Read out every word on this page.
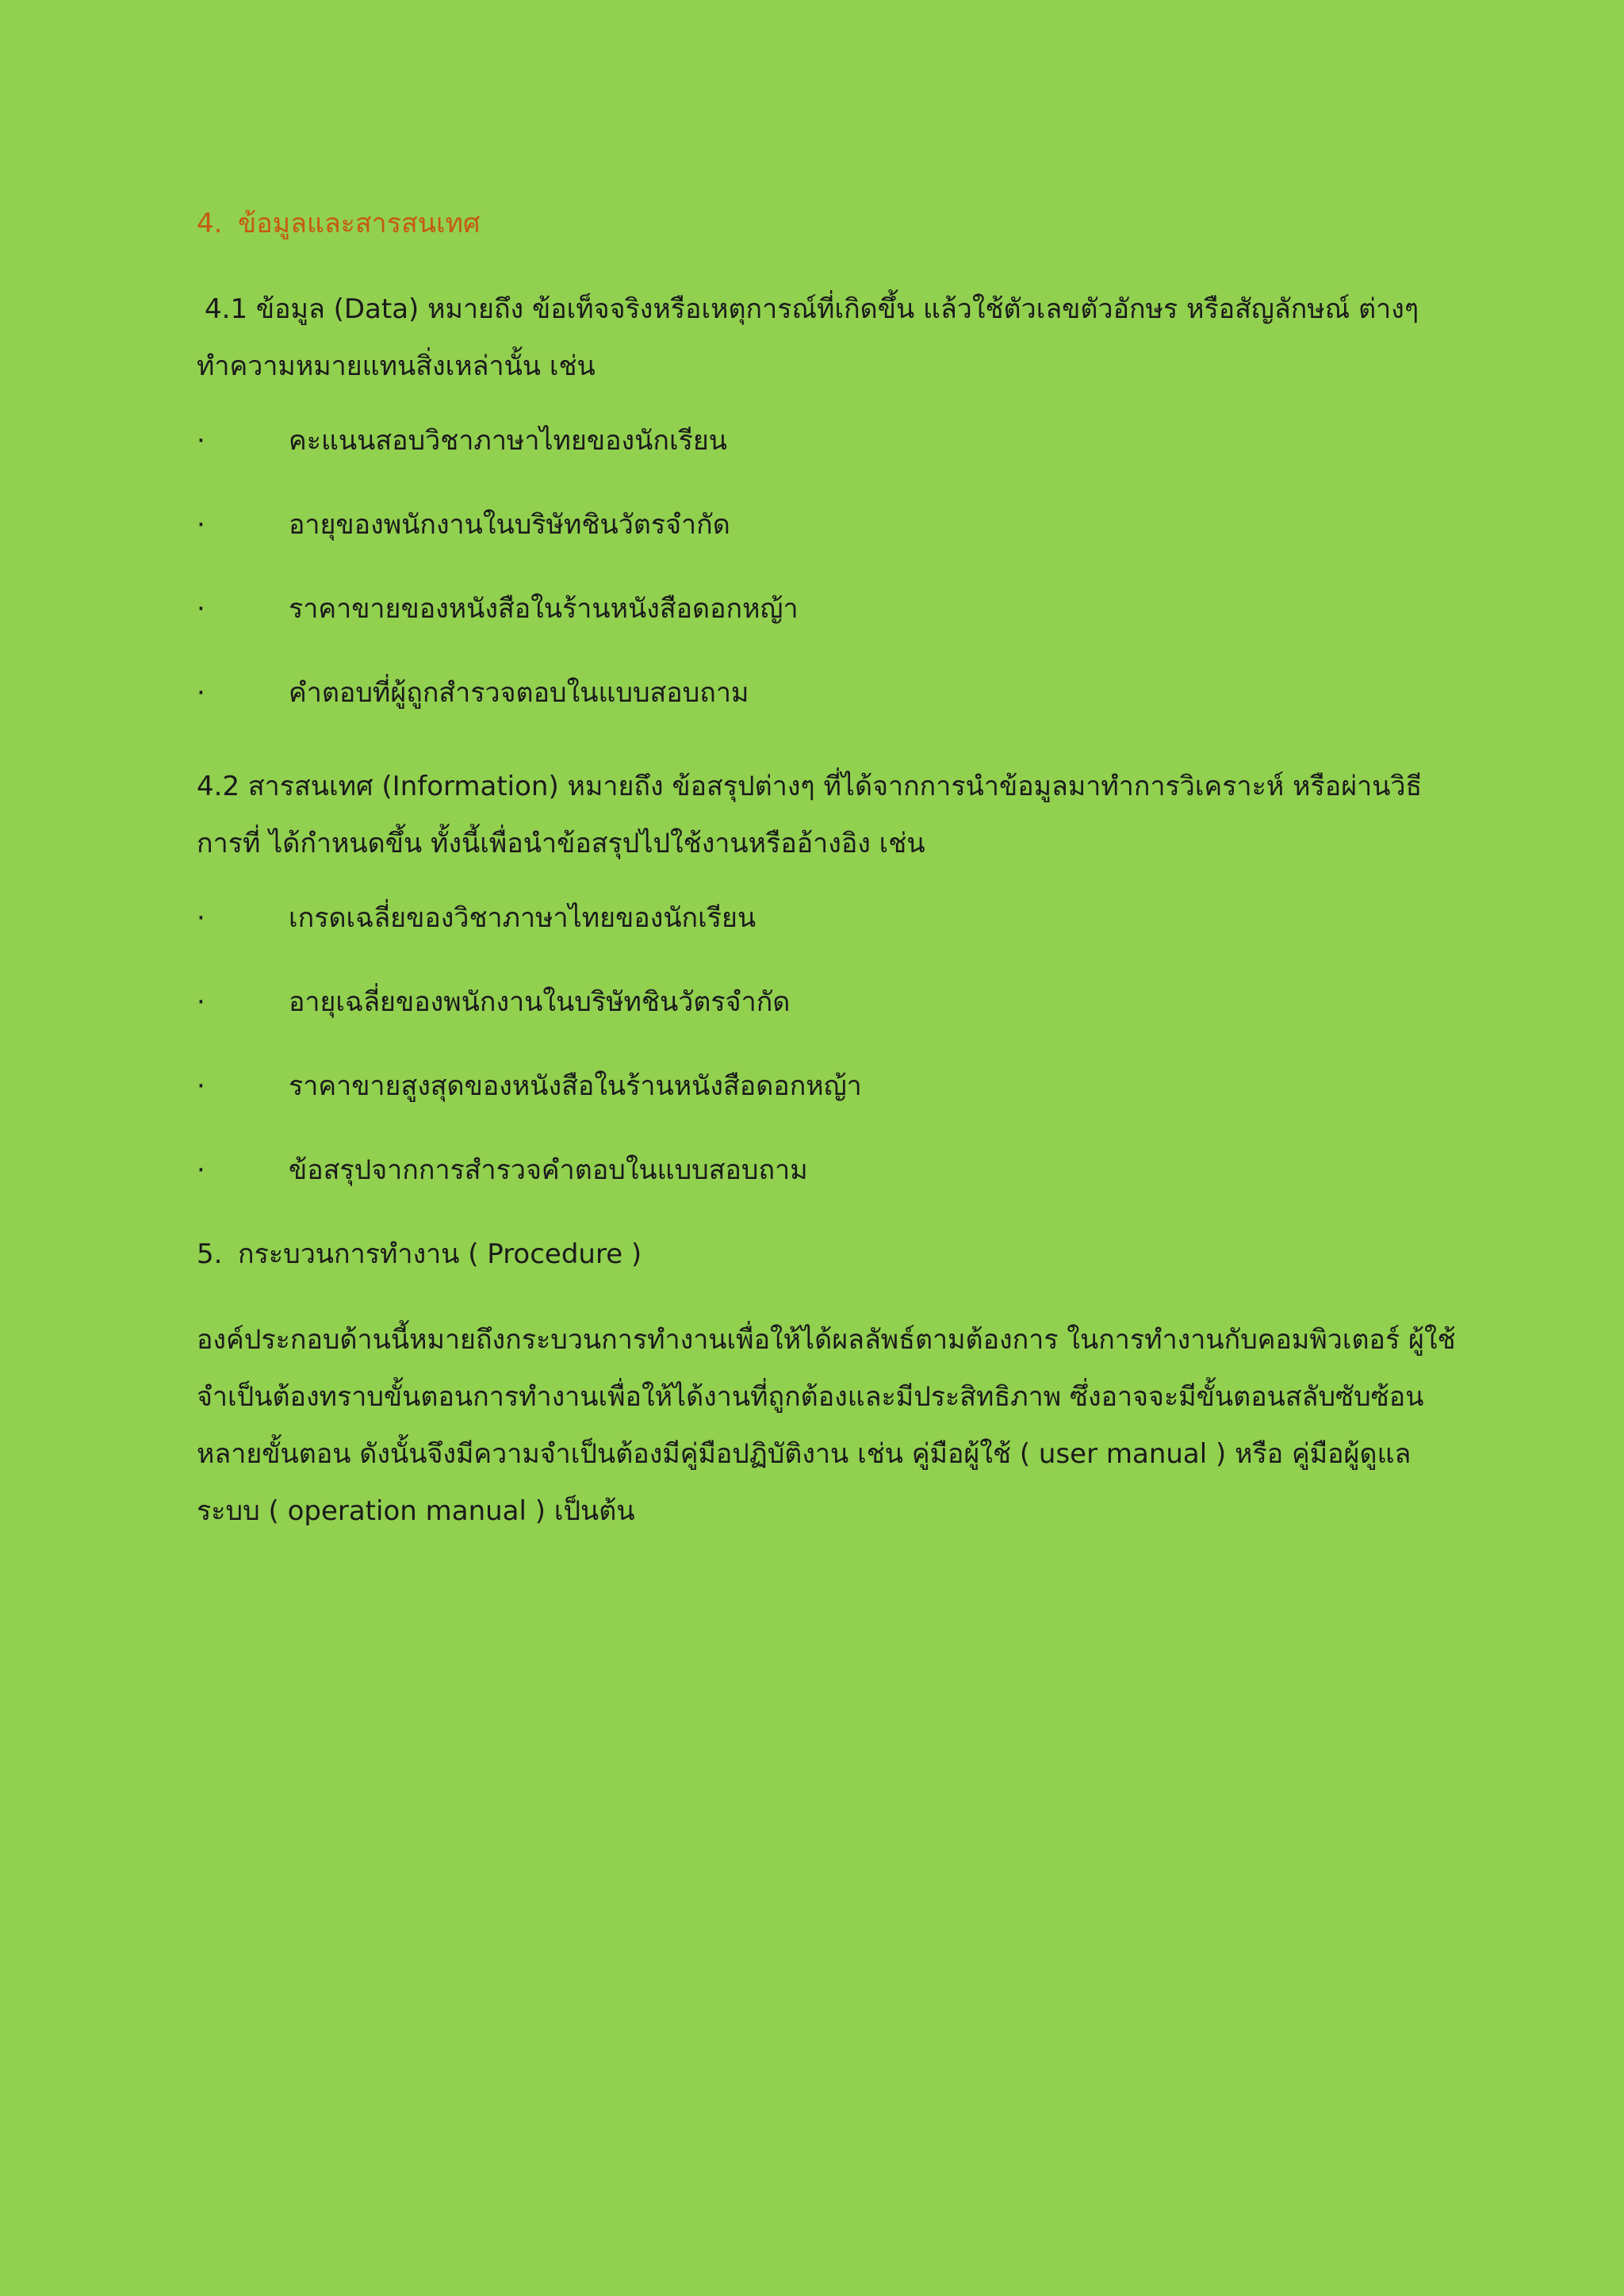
4. ข้อมูลและสารสนเทศ

4.1 ข้อมูล (Data) หมายถึง ข้อเท็จจริงหรือเหตุการณ์ที่เกิดขึ้น แล้วใช้ตัวเลขตัวอักษร หรือสัญลักษณ์ ต่างๆ ทำความหมายแทนสิ่งเหล่านั้น เช่น

·	คะแนนสอบวิชาภาษาไทยของนักเรียน
·	อายุของพนักงานในบริษัทชินวัตรจำกัด
·	ราคาขายของหนังสือในร้านหนังสือดอกหญ้า
·	คำตอบที่ผู้ถูกสำรวจตอบในแบบสอบถาม

4.2 สารสนเทศ (Information) หมายถึง ข้อสรุปต่างๆ ที่ได้จากการนำข้อมูลมาทำการวิเคราะห์ หรือผ่านวิธีการที่ ได้กำหนดขึ้น ทั้งนี้เพื่อนำข้อสรุปไปใช้งานหรืออ้างอิง เช่น

·	เกรดเฉลี่ยของวิชาภาษาไทยของนักเรียน
·	อายุเฉลี่ยของพนักงานในบริษัทชินวัตรจำกัด
·	ราคาขายสูงสุดของหนังสือในร้านหนังสือดอกหญ้า
·	ข้อสรุปจากการสำรวจคำตอบในแบบสอบถาม
5. กระบวนการทำงาน ( Procedure )

องค์ประกอบด้านนี้หมายถึงกระบวนการทำงานเพื่อให้ได้ผลลัพธ์ตามต้องการ ในการทำงานกับคอมพิวเตอร์ ผู้ใช้จำเป็นต้องทราบขั้นตอนการทำงานเพื่อให้ได้งานที่ถูกต้องและมีประสิทธิภาพ ซึ่งอาจจะมีขั้นตอนสลับซับซ้อนหลายขั้นตอน ดังนั้นจึงมีความจำเป็นต้องมีคู่มือปฏิบัติงาน เช่น คู่มือผู้ใช้ ( user manual ) หรือ คู่มือผู้ดูแลระบบ ( operation manual ) เป็นต้น
